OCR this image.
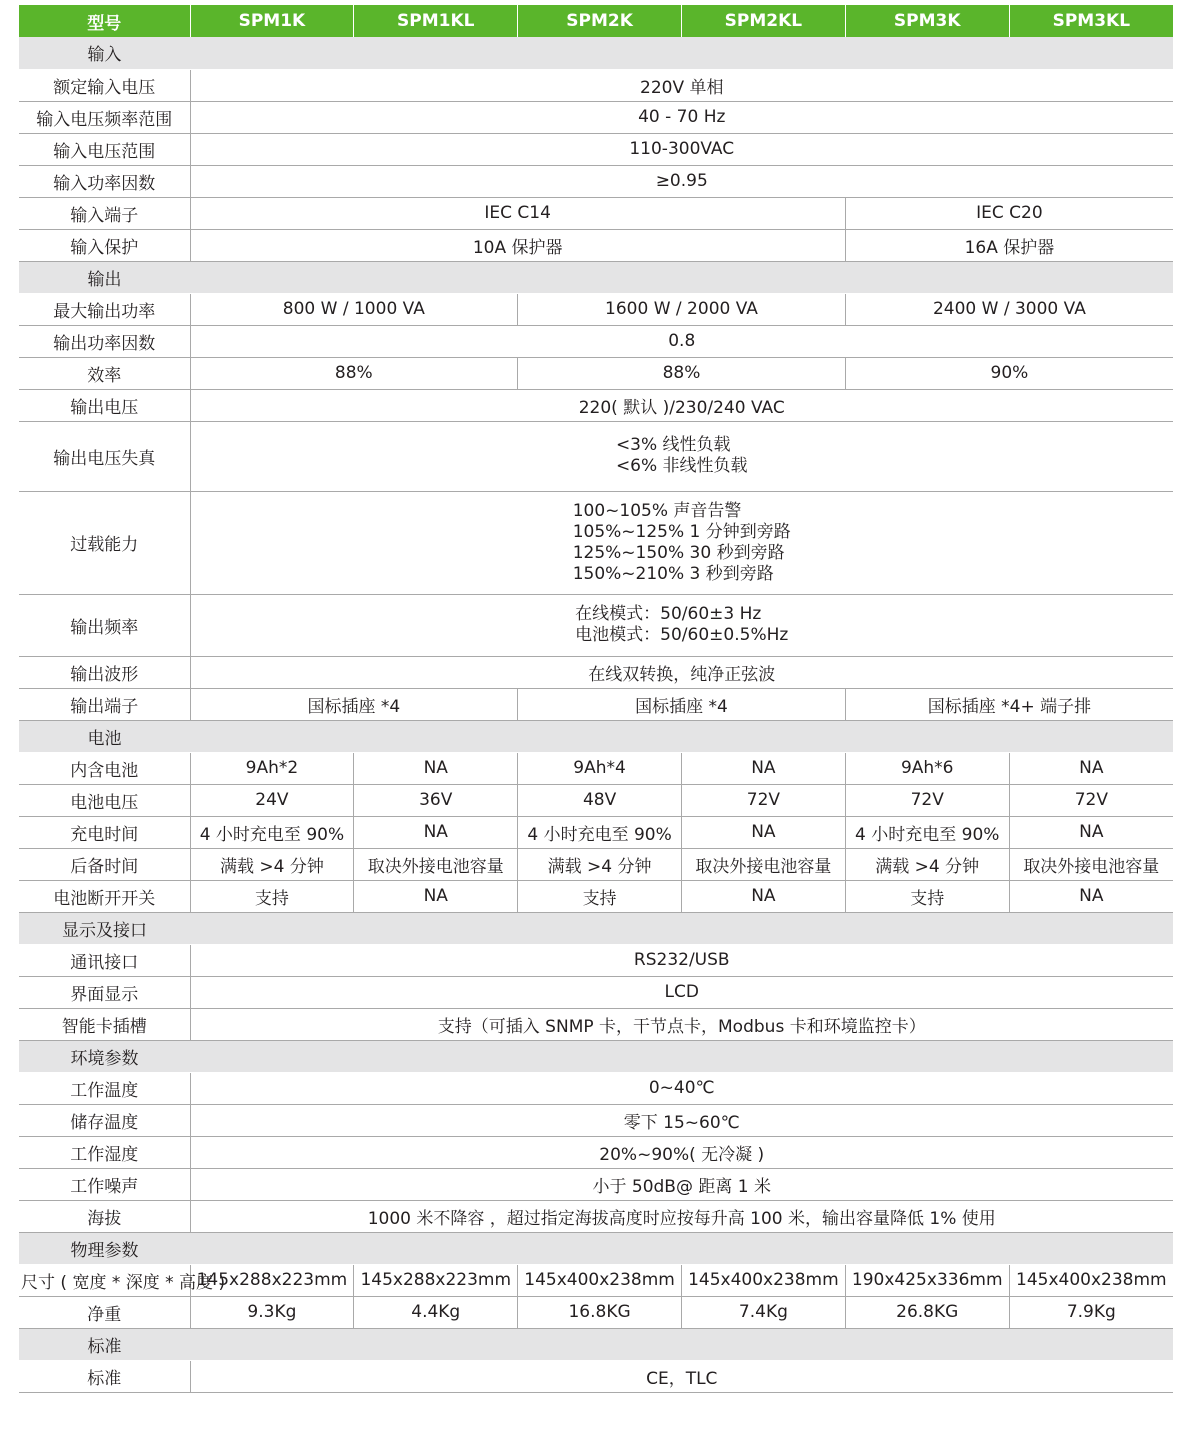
型号	SPM1K	SPM1KL	SPM2K	SPM2KL	SPM3K	SPM3KL
输入						
额定输入电压	220V 单相					
输入电压频率范围	40 - 70 Hz					
输入电压范围	110-300VAC					
输入功率因数	≥0.95					
输入端子	IEC C14				IEC C20	
输入保护	10A 保护器				16A 保护器	
输出						
最大输出功率	800 W / 1000 VA		1600 W / 2000 VA		2400 W / 3000 VA	
输出功率因数	0.8					
效率	88%		88%		90%	
输出电压	220( 默认 )/230/240 VAC					
输出电压失真	<3% 线性负载
<6% 非线性负载					

过载能力	100~105% 声音告警
105%~125% 1 分钟到旁路
125%~150% 30 秒到旁路
150%~210% 3 秒到旁路					

输出频率	在线模式：50/60±3 Hz
电池模式：50/60±0.5%Hz					

输出波形	在线双转换，纯净正弦波					
输出端子	国标插座 *4		国标插座 *4		国标插座 *4+ 端子排	
电池						
内含电池	9Ah*2	NA	9Ah*4	NA	9Ah*6	NA
电池电压	24V	36V	48V	72V	72V	72V
充电时间	4 小时充电至 90%	NA	4 小时充电至 90%	NA	4 小时充电至 90%	NA
后备时间	满载 >4 分钟	取决外接电池容量	满载 >4 分钟	取决外接电池容量	满载 >4 分钟	取决外接电池容量
电池断开开关	支持	NA	支持	NA	支持	NA
显示及接口						
通讯接口	RS232/USB					
界面显示	LCD					
智能卡插槽	支持（可插入 SNMP 卡，干节点卡，Modbus 卡和环境监控卡）					
环境参数						
工作温度	0~40℃					
储存温度	零下 15~60℃					
工作湿度	20%~90%( 无冷凝 )					
工作噪声	小于 50dB@ 距离 1 米					
海拔	1000 米不降容 ，超过指定海拔高度时应按每升高 100 米，输出容量降低 1% 使用					
物理参数						
尺寸 ( 宽度 * 深度 * 高度 )	145x288x223mm	145x288x223mm	145x400x238mm	145x400x238mm	190x425x336mm	145x400x238mm
净重	9.3Kg	4.4Kg	16.8KG	7.4Kg	26.8KG	7.9Kg
标准						
标准	CE，TLC					
